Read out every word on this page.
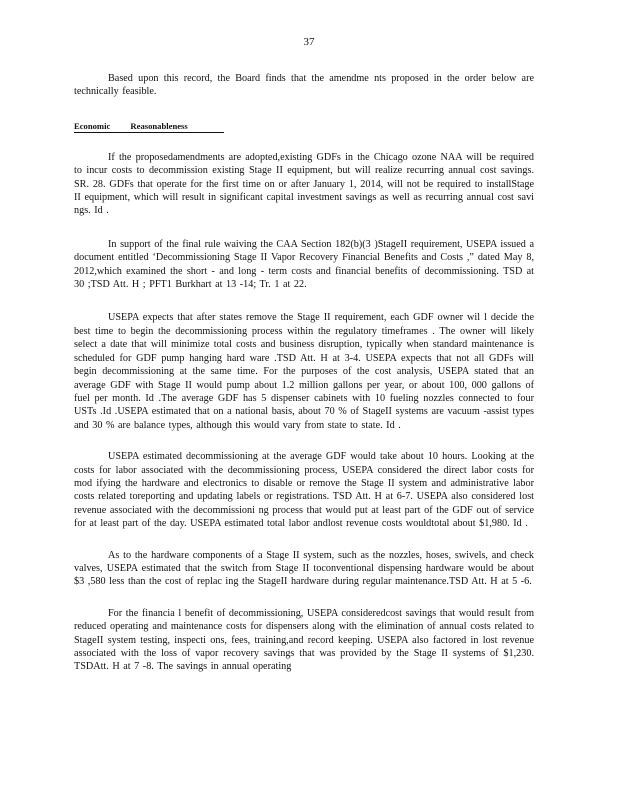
37

Based upon this record, the Board finds that the amendme nts proposed in the order below are technically feasible.

Economic Reasonableness

If the proposedamendments are adopted,existing GDFs in the Chicago ozone NAA will be required to incur costs to decommission existing Stage II equipment, but will realize recurring annual cost savings. SR. 28. GDFs that operate for the first time on or after January 1, 2014, will not be required to installStage II equipment, which will result in significant capital investment savings as well as recurring annual cost savi ngs. Id .

In support of the final rule waiving the CAA Section 182(b)(3 )StageII requirement, USEPA issued a document entitled ‘Decommissioning Stage II Vapor Recovery Financial Benefits and Costs ,” dated May 8, 2012,which examined the short - and long - term costs and financial benefits of decommissioning. TSD at 30 ;TSD Att. H ; PFT1 Burkhart at 13 -14; Tr. 1 at 22.

USEPA expects that after states remove the Stage II requirement, each GDF owner wil l decide the best time to begin the decommissioning process within the regulatory timeframes . The owner will likely select a date that will minimize total costs and business disruption, typically when standard maintenance is scheduled for GDF pump hanging hard ware .TSD Att. H at 3-4. USEPA expects that not all GDFs will begin decommissioning at the same time. For the purposes of the cost analysis, USEPA stated that an average GDF with Stage II would pump about 1.2 million gallons per year, or about 100, 000 gallons of fuel per month. Id .The average GDF has 5 dispenser cabinets with 10 fueling nozzles connected to four USTs .Id .USEPA estimated that on a national basis, about 70 % of StageII systems are vacuum -assist types and 30 % are balance types, although this would vary from state to state. Id .

USEPA estimated decommissioning at the average GDF would take about 10 hours. Looking at the costs for labor associated with the decommissioning process, USEPA considered the direct labor costs for mod ifying the hardware and electronics to disable or remove the Stage II system and administrative labor costs related toreporting and updating labels or registrations. TSD Att. H at 6-7. USEPA also considered lost revenue associated with the decommissioni ng process that would put at least part of the GDF out of service for at least part of the day. USEPA estimated total labor andlost revenue costs wouldtotal about $1,980. Id .

As to the hardware components of a Stage II system, such as the nozzles, hoses, swivels, and check valves, USEPA estimated that the switch from Stage II toconventional dispensing hardware would be about $3 ,580 less than the cost of replac ing the StageII hardware during regular maintenance.TSD Att. H at 5 -6.

For the financia l benefit of decommissioning, USEPA consideredcost savings that would result from reduced operating and maintenance costs for dispensers along with the elimination of annual costs related to StageII system testing, inspecti ons, fees, training,and record keeping. USEPA also factored in lost revenue associated with the loss of vapor recovery savings that was provided by the Stage II systems of $1,230. TSDAtt. H at 7 -8. The savings in annual operating
